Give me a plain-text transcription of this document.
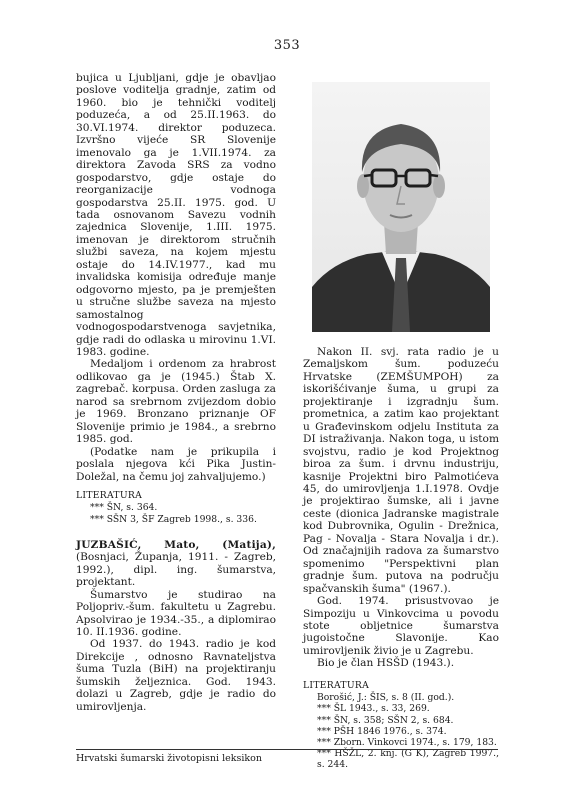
353

bujica u Ljubljani, gdje je obavljao poslove voditelja gradnje, zatim od 1960. bio je tehnički voditelj poduzeća, a od 25.II.1963. do 30.VI.1974. direktor poduzeca. Izvršno vijeće SR Slovenije imenovalo ga je 1.VII.1974. za direktora Zavoda SRS za vodno gospodarstvo, gdje ostaje do reorganizacije vodnoga gospodarstva 25.II. 1975. god. U tada osnovanom Savezu vodnih zajednica Slovenije, 1.III. 1975. imenovan je direktorom stručnih službi saveza, na kojem mjestu ostaje do 14.IV.1977., kad mu invalidska komisija određuje manje odgovorno mjesto, pa je premješten u stručne službe saveza na mjesto samostalnog vodnogospodarstvenoga savjetnika, gdje radi do odlaska u mirovinu 1.VI. 1983. godine.

Medaljom i ordenom za hrabrost odlikovao ga je (1945.) Štab X. zagrebač. korpusa. Orden zasluga za narod sa srebrnom zvijezdom dobio je 1969. Bronzano priznanje OF Slovenije primio je 1984., a srebrno 1985. god.

(Podatke nam je prikupila i poslala njegova kći Pika Justin-Doležal, na čemu joj zahvaljujemo.)

LITERATURA

*** ŠN, s. 364.

*** SŠN 3, ŠF Zagreb 1998., s. 336.

JUZBAŠIĆ, Mato, (Matija), (Bosnjaci, Županja, 1911. - Zagreb, 1992.), dipl. ing. šumarstva, projektant.

Šumarstvo je studirao na Poljopriv.-šum. fakultetu u Zagrebu. Apsolvirao je 1934.-35., a diplomirao 10. II.1936. godine.

Od 1937. do 1943. radio je kod Direkcije , odnosno Ravnateljstva šuma Tuzla (BiH) na projektiranju šumskih željeznica. God. 1943. dolazi u Zagreb, gdje je radio do umirovljenja.

Nakon II. svj. rata radio je u Zemaljskom šum. poduzeću Hrvatske (ZEMŠUMPOH) za iskorišćivanje šuma, u grupi za projektiranje i izgradnju šum. prometnica, a zatim kao projektant u Građevinskom odjelu Instituta za DI istraživanja. Nakon toga, u istom svojstvu, radio je kod Projektnog biroa za šum. i drvnu industriju, kasnije Projektni biro Palmotićeva 45, do umirovljenja 1.I.1978. Ovdje je projektirao šumske, ali i javne ceste (dionica Jadranske magistrale kod Dubrovnika, Ogulin - Drežnica, Pag - Novalja - Stara Novalja i dr.). Od značajnijih radova za šumarstvo spomenimo "Perspektivni plan gradnje šum. putova na području spačvanskih šuma" (1967.).

God. 1974. prisustvovao je Simpoziju u Vinkovcima u povodu stote obljetnice šumarstva jugoistočne Slavonije. Kao umirovljenik živio je u Zagrebu.

Bio je član HSŠD (1943.).

LITERATURA

Borošić, J.: ŠIS, s. 8 (II. god.).

*** ŠL 1943., s. 33, 269.

*** ŠN, s. 358; SŠN 2, s. 684.

*** PŠH 1846 1976., s. 374.

*** Zborn. Vinkovci 1974., s. 179, 183.

*** HŠŽL, 2. knj. (G K), Zagreb 1997., s. 244.

Hrvatski šumarski životopisni leksikon
